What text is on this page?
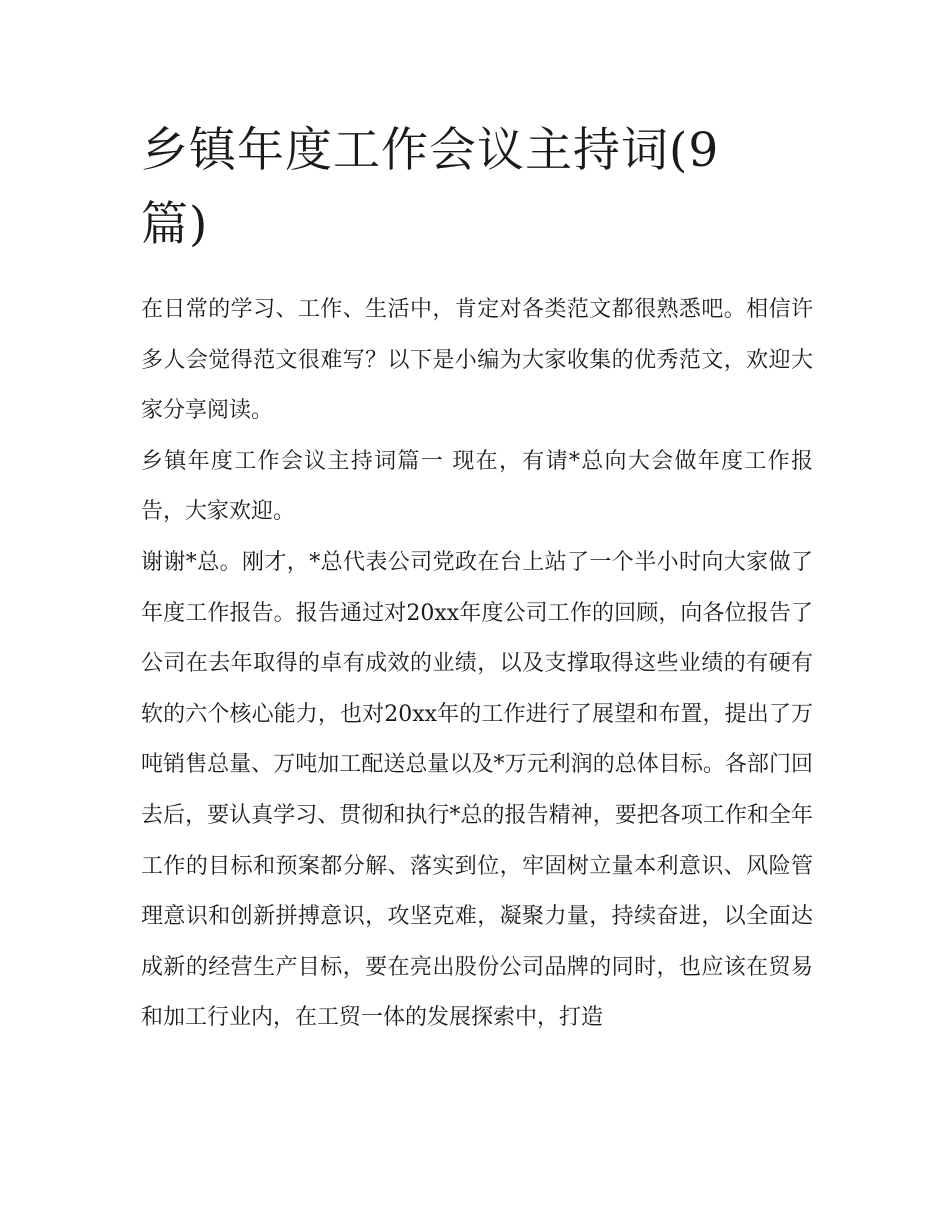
乡镇年度工作会议主持词(9篇)

在日常的学习、工作、生活中，肯定对各类范文都很熟悉吧。相信许多人会觉得范文很难写？以下是小编为大家收集的优秀范文，欢迎大家分享阅读。

乡镇年度工作会议主持词篇一 现在，有请*总向大会做年度工作报告，大家欢迎。

谢谢*总。刚才，*总代表公司党政在台上站了一个半小时向大家做了年度工作报告。报告通过对20xx年度公司工作的回顾，向各位报告了公司在去年取得的卓有成效的业绩，以及支撑取得这些业绩的有硬有软的六个核心能力，也对20xx年的工作进行了展望和布置，提出了万吨销售总量、万吨加工配送总量以及*万元利润的总体目标。各部门回去后，要认真学习、贯彻和执行*总的报告精神，要把各项工作和全年工作的目标和预案都分解、落实到位，牢固树立量本利意识、风险管理意识和创新拼搏意识，攻坚克难，凝聚力量，持续奋进，以全面达成新的经营生产目标，要在亮出股份公司品牌的同时，也应该在贸易和加工行业内，在工贸一体的发展探索中，打造
